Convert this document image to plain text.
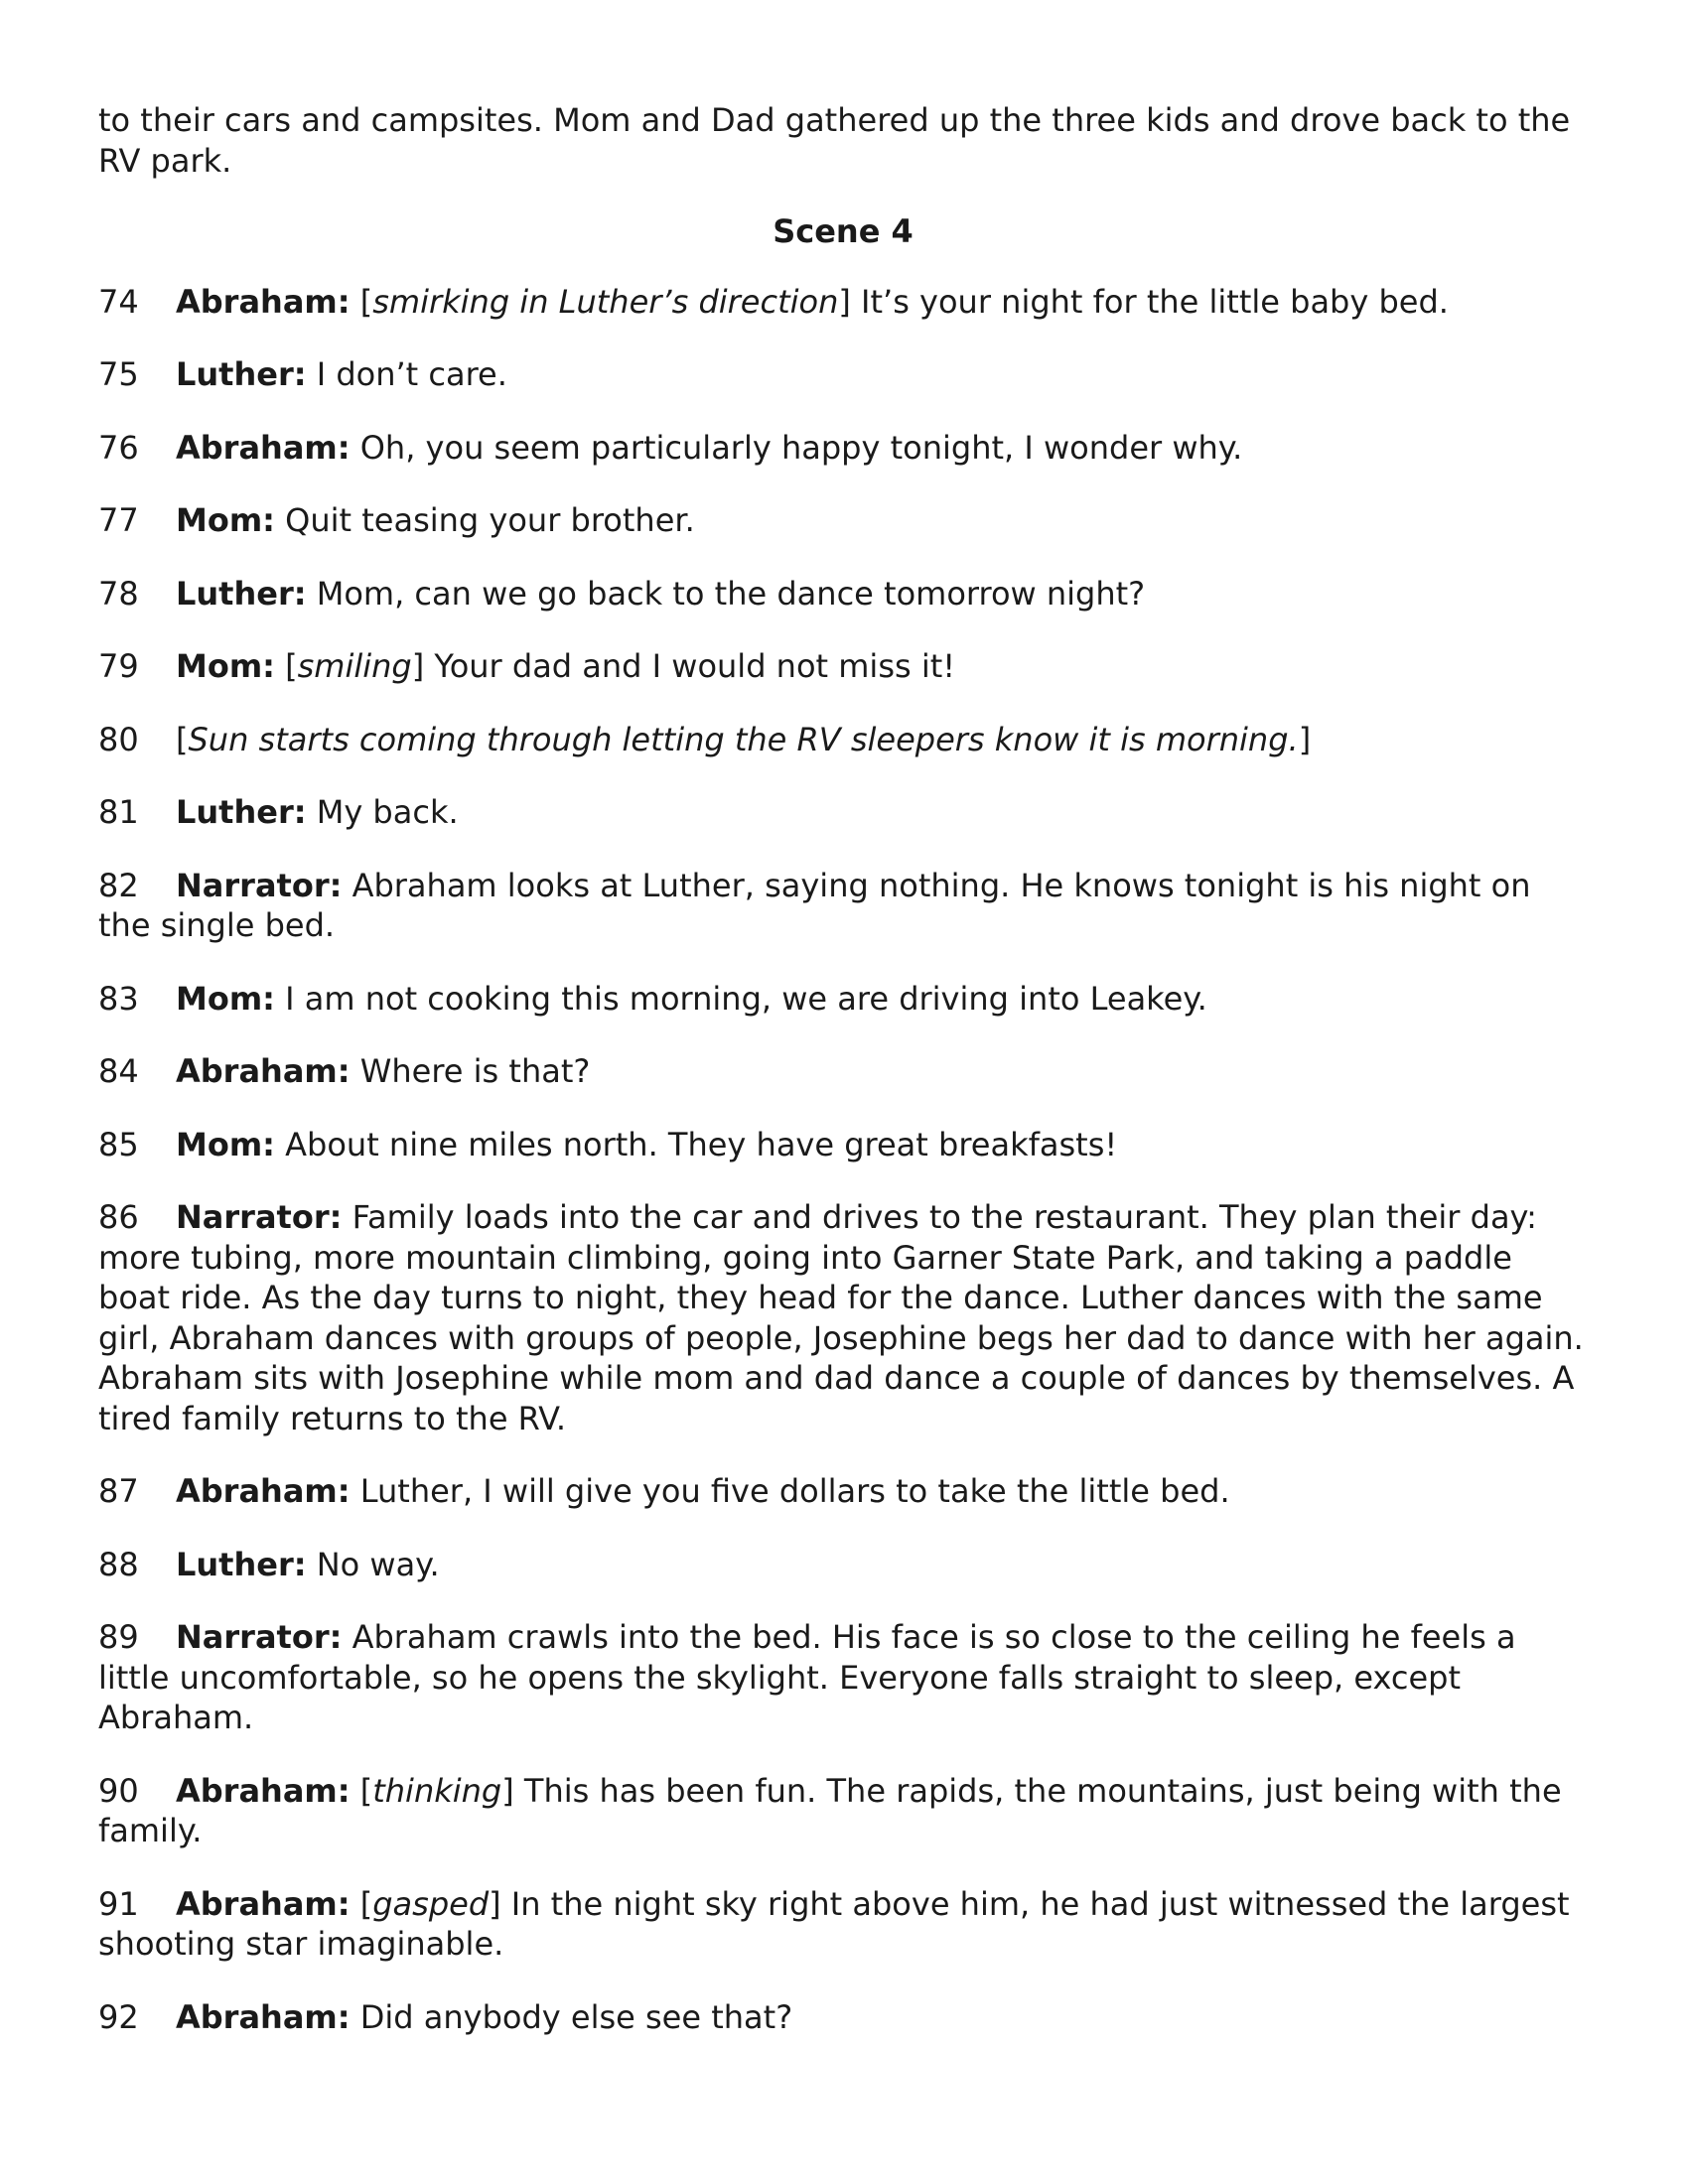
to their cars and campsites. Mom and Dad gathered up the three kids and drove back to the RV park.

Scene 4

74 Abraham: [smirking in Luther’s direction] It’s your night for the little baby bed.

75 Luther: I don’t care.

76 Abraham: Oh, you seem particularly happy tonight, I wonder why.

77 Mom: Quit teasing your brother.

78 Luther: Mom, can we go back to the dance tomorrow night?

79 Mom: [smiling] Your dad and I would not miss it!

80 [Sun starts coming through letting the RV sleepers know it is morning.]

81 Luther: My back.

82 Narrator: Abraham looks at Luther, saying nothing. He knows tonight is his night on the single bed.

83 Mom: I am not cooking this morning, we are driving into Leakey.

84 Abraham: Where is that?

85 Mom: About nine miles north. They have great breakfasts!

86 Narrator: Family loads into the car and drives to the restaurant. They plan their day: more tubing, more mountain climbing, going into Garner State Park, and taking a paddle boat ride. As the day turns to night, they head for the dance. Luther dances with the same girl, Abraham dances with groups of people, Josephine begs her dad to dance with her again. Abraham sits with Josephine while mom and dad dance a couple of dances by themselves. A tired family returns to the RV.

87 Abraham: Luther, I will give you five dollars to take the little bed.

88 Luther: No way.

89 Narrator: Abraham crawls into the bed. His face is so close to the ceiling he feels a little uncomfortable, so he opens the skylight. Everyone falls straight to sleep, except Abraham.

90 Abraham: [thinking] This has been fun. The rapids, the mountains, just being with the family.

91 Abraham: [gasped] In the night sky right above him, he had just witnessed the largest shooting star imaginable.

92 Abraham: Did anybody else see that?
